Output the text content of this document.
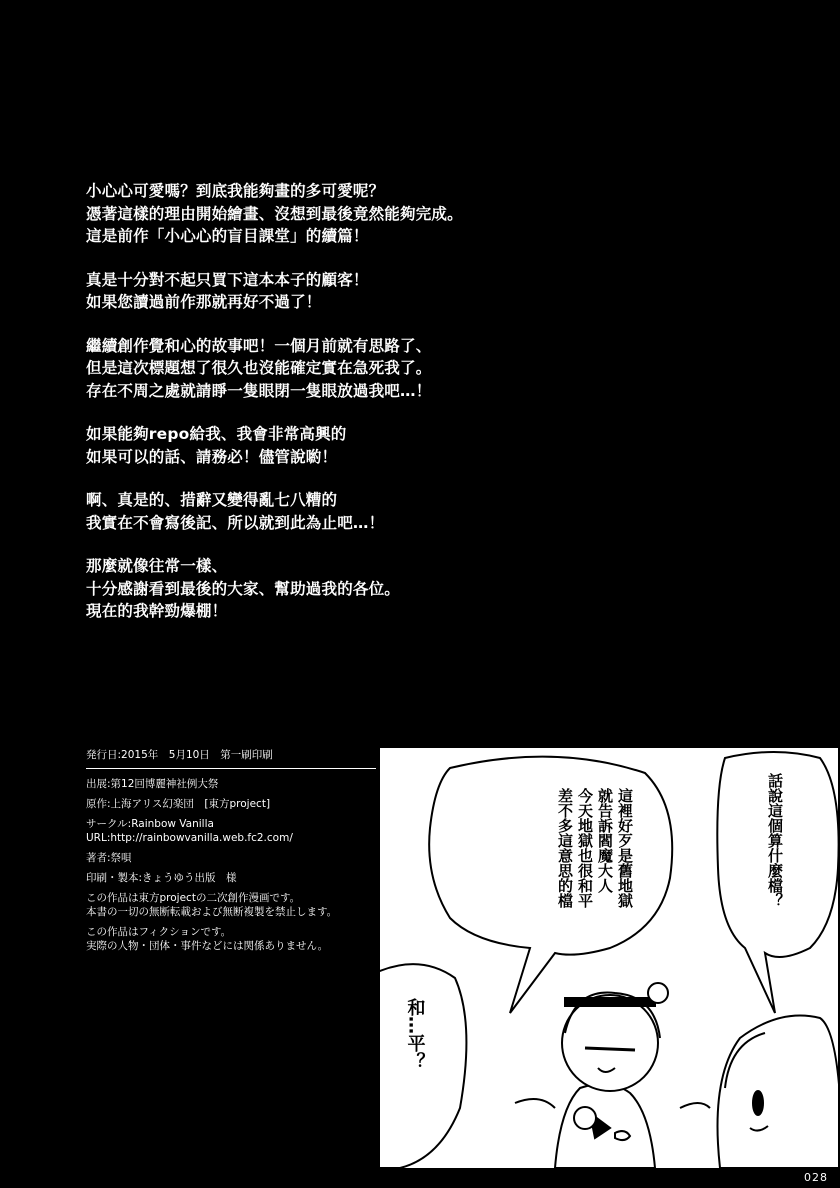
小心心可愛嗎？到底我能夠畫的多可愛呢？
憑著這樣的理由開始繪畫、沒想到最後竟然能夠完成。
這是前作「小心心的盲目課堂」的續篇！
真是十分對不起只買下這本本子的顧客！
如果您讀過前作那就再好不過了！
繼續創作覺和心的故事吧！一個月前就有思路了、
但是這次標題想了很久也沒能確定實在急死我了。
存在不周之處就請睜一隻眼閉一隻眼放過我吧…！
如果能夠repo給我、我會非常高興的
如果可以的話、請務必！儘管說喲！
啊、真是的、措辭又變得亂七八糟的
我實在不會寫後記、所以就到此為止吧…！
那麼就像往常一樣、
十分感謝看到最後的大家、幫助過我的各位。
現在的我幹勁爆棚！
発行日:2015年　5月10日　第一刷印刷
出展:第12回博麗神社例大祭
原作:上海アリス幻楽団　[東方project]
サークル:Rainbow Vanilla
URL:http://rainbowvanilla.web.fc2.com/
著者:祭唄
印刷・製本:きょうゆう出版　様
この作品は東方projectの二次創作漫画です。
本書の一切の無断転載および無断複製を禁止します。
この作品はフィクションです。
実際の人物・団体・事件などには関係ありません。
這裡好歹是舊地獄
就告訴閻魔大人
今天地獄也很和平
差不多這意思的檔	話說這個算什麼檔？
和…平？
028
